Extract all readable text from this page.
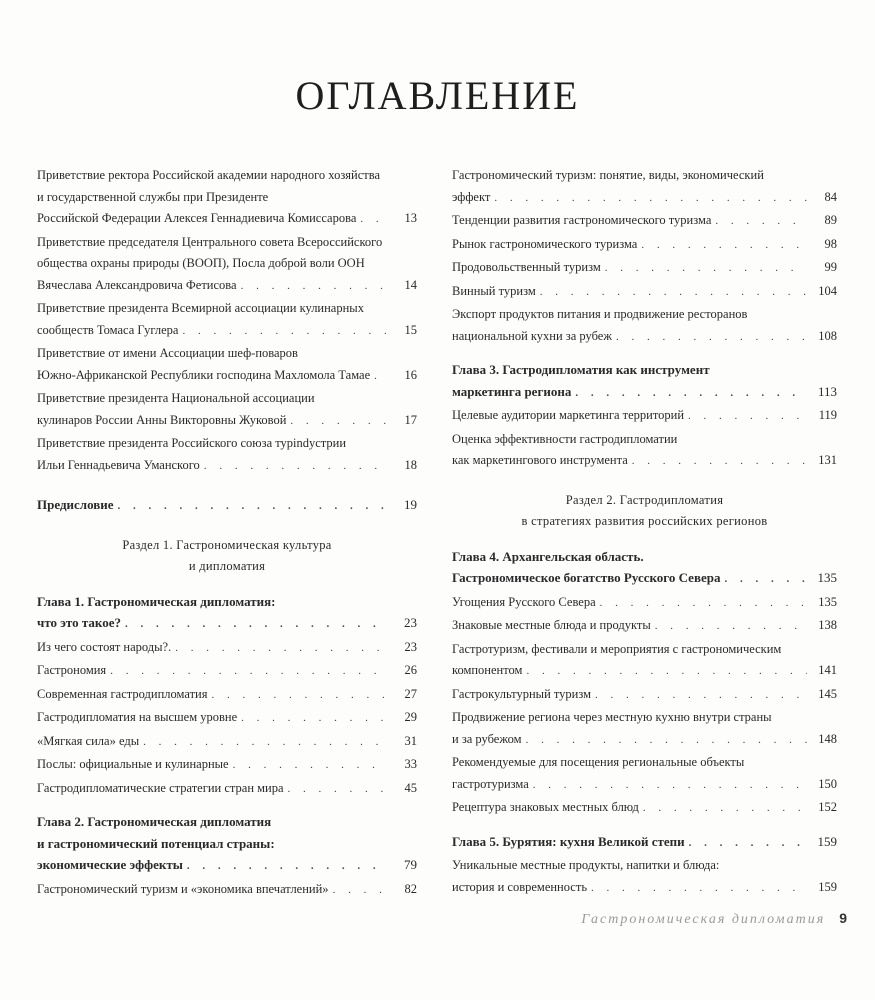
ОГЛАВЛЕНИЕ
Приветствие ректора Российской академии народного хозяйства
и государственной службы при Президенте
Российской Федерации Алексея Геннадиевича Комиссарова . . .	13
Приветствие председателя Центрального совета Всероссийского
общества охраны природы (ВООП), Посла доброй воли ООН
Вячеслава Александровича Фетисова . . .	14
Приветствие президента Всемирной ассоциации кулинарных
сообществ Томаса Гуглера . . .	15
Приветствие от имени Ассоциации шеф-поваров
Южно-Африканской Республики господина Махломола Тамае . . .	16
Приветствие президента Национальной ассоциации
кулинаров России Анны Викторовны Жуковой . . .	17
Приветствие президента Российского союза турindустрии
Ильи Геннадьевича Уманского . . .	18
Предисловие . . .	19
Раздел 1. Гастрономическая культура
и дипломатия
Глава 1. Гастрономическая дипломатия:
что это такое? . . .	23
Из чего состоят народы?. . . .	23
Гастрономия . . .	26
Современная гастродипломатия . . .	27
Гастродипломатия на высшем уровне . . .	29
«Мягкая сила» еды . . .	31
Послы: официальные и кулинарные . . .	33
Гастродипломатические стратегии стран мира . . .	45
Глава 2. Гастрономическая дипломатия
и гастрономический потенциал страны:
экономические эффекты . . .	79
Гастрономический туризм и «экономика впечатлений» . . .	82
Гастрономический туризм: понятие, виды, экономический
эффект . . .	84
Тенденции развития гастрономического туризма . . .	89
Рынок гастрономического туризма . . .	98
Продовольственный туризм . . .	99
Винный туризм . . .	104
Экспорт продуктов питания и продвижение ресторанов
национальной кухни за рубеж . . .	108
Глава 3. Гастродипломатия как инструмент
маркетинга региона . . .	113
Целевые аудитории маркетинга территорий . . .	119
Оценка эффективности гастродипломатии
как маркетингового инструмента . . .	131
Раздел 2. Гастродипломатия
в стратегиях развития российских регионов
Глава 4. Архангельская область.
Гастрономическое богатство Русского Севера . . .	135
Угощения Русского Севера . . .	135
Знаковые местные блюда и продукты . . .	138
Гастротуризм, фестивали и мероприятия с гастрономическим
компонентом . . .	141
Гастрокультурный туризм . . .	145
Продвижение региона через местную кухню внутри страны
и за рубежом . . .	148
Рекомендуемые для посещения региональные объекты
гастротуризма . . .	150
Рецептура знаковых местных блюд . . .	152
Глава 5. Бурятия: кухня Великой степи . . .	159
Уникальные местные продукты, напитки и блюда:
история и современность . . .	159
Гастрономическая дипломатия 9
